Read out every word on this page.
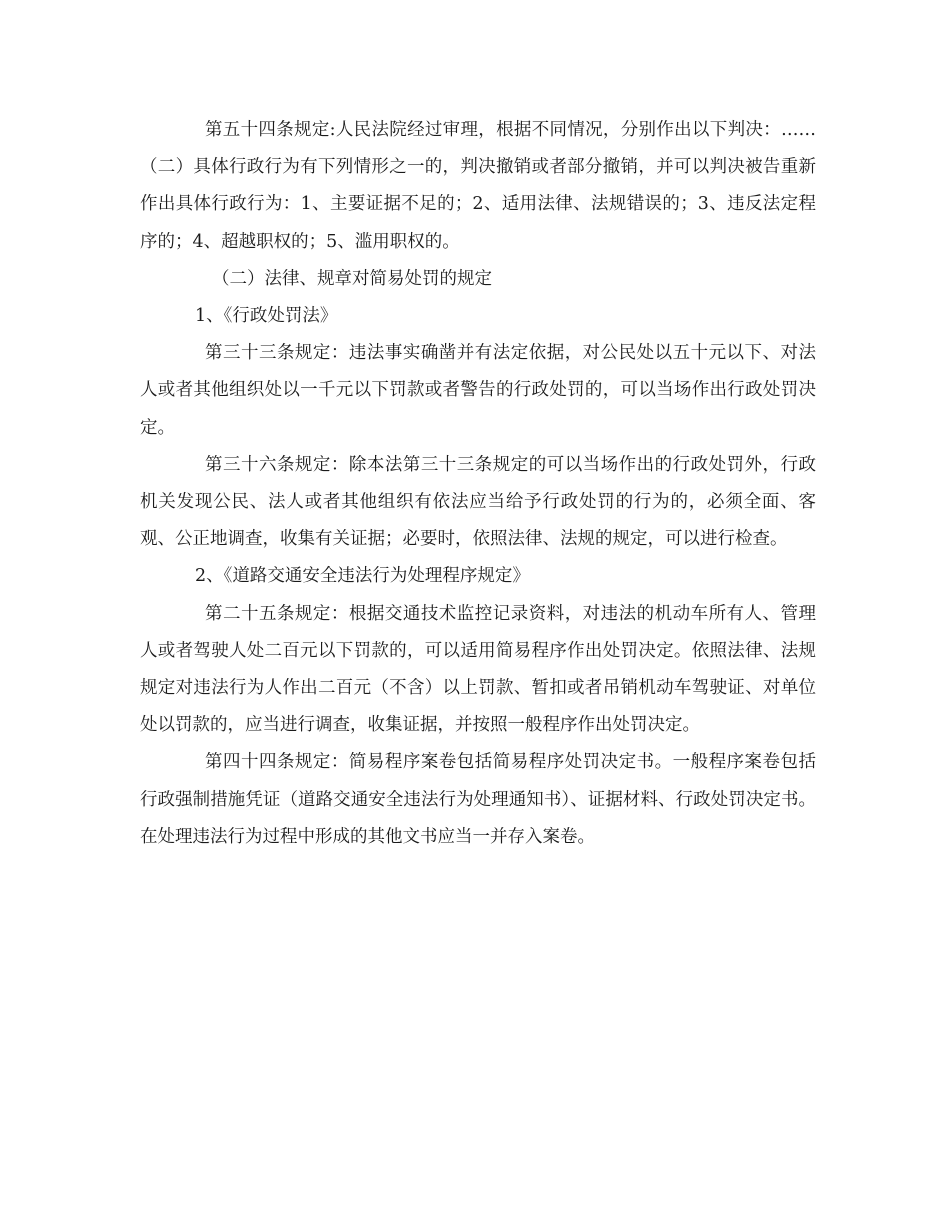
第五十四条规定:人民法院经过审理，根据不同情况，分别作出以下判决：……（二）具体行政行为有下列情形之一的，判决撤销或者部分撤销，并可以判决被告重新作出具体行政行为：1、主要证据不足的；2、适用法律、法规错误的；3、违反法定程序的；4、超越职权的；5、滥用职权的。

（二）法律、规章对简易处罚的规定

1、《行政处罚法》

第三十三条规定：违法事实确凿并有法定依据，对公民处以五十元以下、对法人或者其他组织处以一千元以下罚款或者警告的行政处罚的，可以当场作出行政处罚决定。

第三十六条规定：除本法第三十三条规定的可以当场作出的行政处罚外，行政机关发现公民、法人或者其他组织有依法应当给予行政处罚的行为的，必须全面、客观、公正地调查，收集有关证据；必要时，依照法律、法规的规定，可以进行检查。

2、《道路交通安全违法行为处理程序规定》

第二十五条规定：根据交通技术监控记录资料，对违法的机动车所有人、管理人或者驾驶人处二百元以下罚款的，可以适用简易程序作出处罚决定。依照法律、法规规定对违法行为人作出二百元（不含）以上罚款、暂扣或者吊销机动车驾驶证、对单位处以罚款的，应当进行调查，收集证据，并按照一般程序作出处罚决定。

第四十四条规定：简易程序案卷包括简易程序处罚决定书。一般程序案卷包括行政强制措施凭证（道路交通安全违法行为处理通知书）、证据材料、行政处罚决定书。在处理违法行为过程中形成的其他文书应当一并存入案卷。
